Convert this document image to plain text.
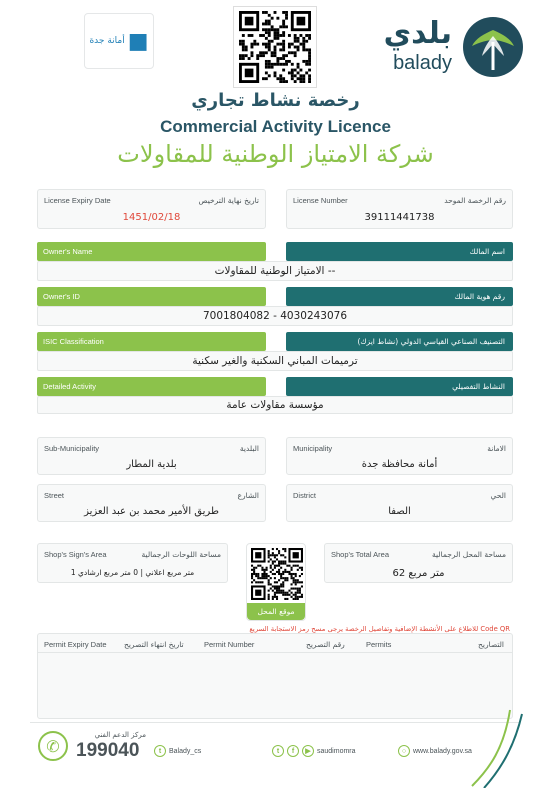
أمانة جدة ■	بلدي
balady
رخصة نشاط تجاري
Commercial Activity Licence
شركة الامتياز الوطنية للمقاولات
License Expiry Date	تاريخ نهاية الترخيص
1451/02/18
License Number	رقم الرخصة الموحد
39111441738
Owner's Name	اسم المالك
الامتياز الوطنية للمقاولات --
Owner's ID	رقم هوية المالك
7001804082 - 4030243076
ISIC Classification	التصنيف الصناعي القياسي الدولي (نشاط ايزك)
ترميمات المباني السكنية والغير سكنية
Detailed Activity	النشاط التفصيلي
مؤسسة مقاولات عامة
Sub-Municipality	البلدية
بلدية المطار
Municipality	الامانة
أمانة محافظة جدة
Street	الشارع
طريق الأمير محمد بن عبد العزيز
District	الحي
الصفا
Shop's Sign's Area	مساحة اللوحات الرجمالية
متر مربع اعلاني | 0 متر مربع ارشادي 1
موقع المحل
Shop's Total Area	مساحة المحل الرجمالية
62 متر مربع
للاطلاع على الأنشطة الإضافية وتفاصيل الرخصة يرجى مسح رمز الاستجابة السريع Code QR
Permit Expiry Date تاريخ انتهاء التصريح	Permit Number	رقم التصريح	Permits	التصاريح
✆
مركز الدعم الفني
199040	t	Balady_cs	t	f	▶ saudimomra	○ www.balady.gov.sa
